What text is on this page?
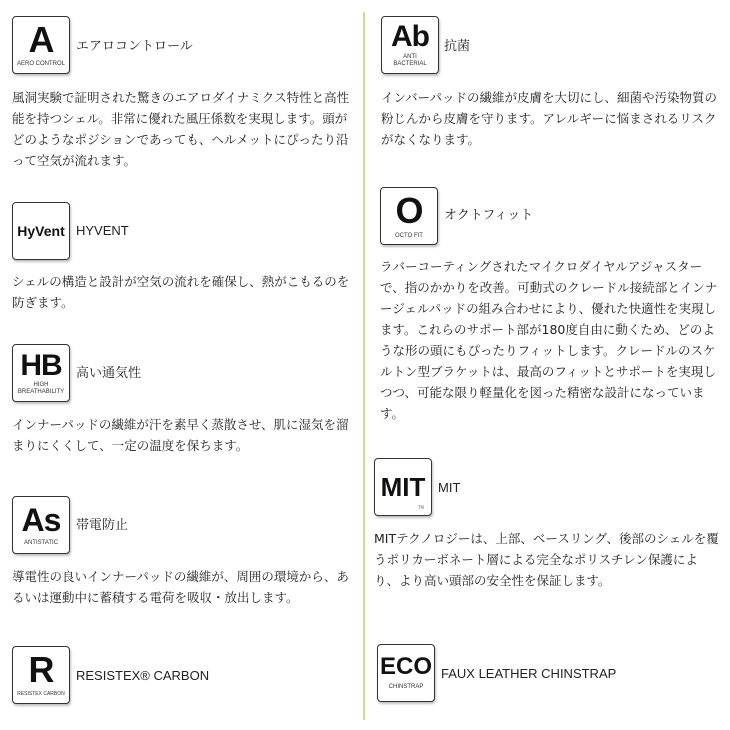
A
AERO CONTROL
エアロコントロール

風洞実験で証明された驚きのエアロダイナミクス特性と高性能を持つシェル。非常に優れた風圧係数を実現します。頭がどのようなポジションであっても、ヘルメットにぴったり沿って空気が流れます。

HyVent HYVENT

シェルの構造と設計が空気の流れを確保し、熱がこもるのを防ぎます。

HB
HIGH BREATHABILITY
高い通気性

インナーパッドの繊維が汗を素早く蒸散させ、肌に湿気を溜まりにくくして、一定の温度を保ちます。

As
ANTISTATIC
帯電防止

導電性の良いインナーパッドの繊維が、周囲の環境から、あるいは運動中に蓄積する電荷を吸収・放出します。

R
RESISTEX CARBON
RESISTEX® CARBON
Ab
ANTI BACTERIAL
抗菌

インバーパッドの繊維が皮膚を大切にし、細菌や汚染物質の粉じんから皮膚を守ります。アレルギーに悩まされるリスクがなくなります。

O
OCTO FIT
オクトフィット

ラバーコーティングされたマイクロダイヤルアジャスターで、指のかかりを改善。可動式のクレードル接続部とインナージェルパッドの組み合わせにより、優れた快適性を実現します。これらのサポート部が180度自由に動くため、どのような形の頭にもぴったりフィットします。クレードルのスケルトン型ブラケットは、最高のフィットとサポートを実現しつつ、可能な限り軽量化を図った精密な設計になっています。

MIT
TM
MIT

MITテクノロジーは、上部、ベースリング、後部のシェルを覆うポリカーボネート層による完全なポリスチレン保護により、より高い頭部の安全性を保証します。

ECO
CHINSTRAP
FAUX LEATHER CHINSTRAP
